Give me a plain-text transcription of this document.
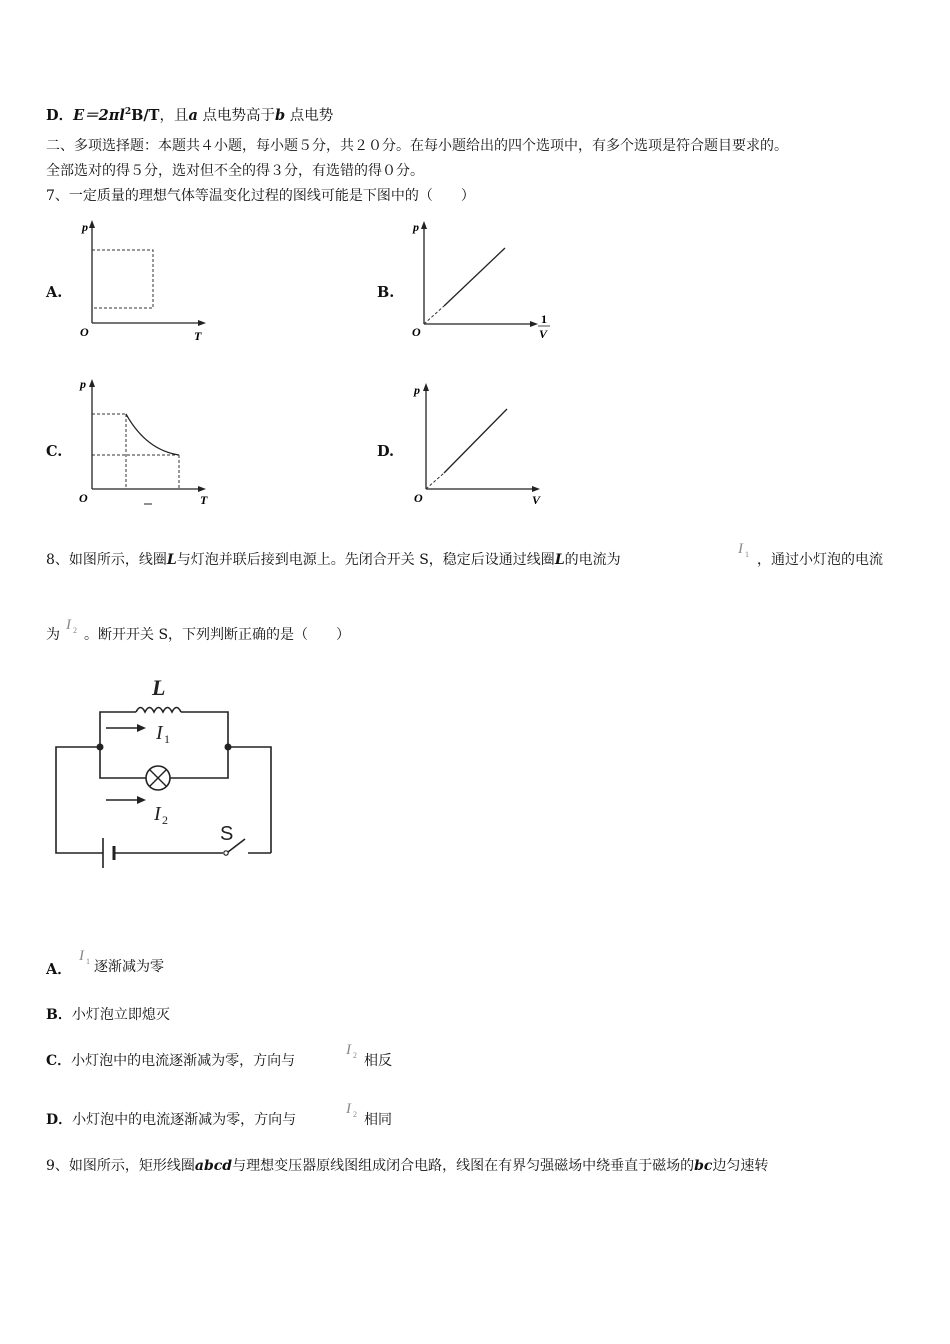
D．$E=2\pi l^2B/T$，且a 点电势高于b 点电势
二、多项选择题：本题共４小题，每小题５分，共２０分。在每小题给出的四个选项中，有多个选项是符合题目要求的。
全部选对的得５分，选对但不全的得３分，有选错的得０分。
7、一定质量的理想气体等温变化过程的图线可能是下图中的（　　）
A.	B.
C.	D.
p
O	T
p
O
1
V
p
O	T
p
O	V
8、如图所示，线圈L与灯泡并联后接到电源上。先闭合开关 S，稳定后设通过线圈L的电流为
I 1 ，通过小灯泡的电流
为
I 2 。断开开关 S，下列判断正确的是（　　）
L
I 1
I 2
S
A．
I 1 逐渐减为零
B．小灯泡立即熄灭
C．小灯泡中的电流逐渐减为零，方向与
I 2 相反
D．小灯泡中的电流逐渐减为零，方向与
I 2 相同
9、如图所示，矩形线圈abcd与理想变压器原线图组成闭合电路，线图在有界匀强磁场中绕垂直于磁场的bc边匀速转
